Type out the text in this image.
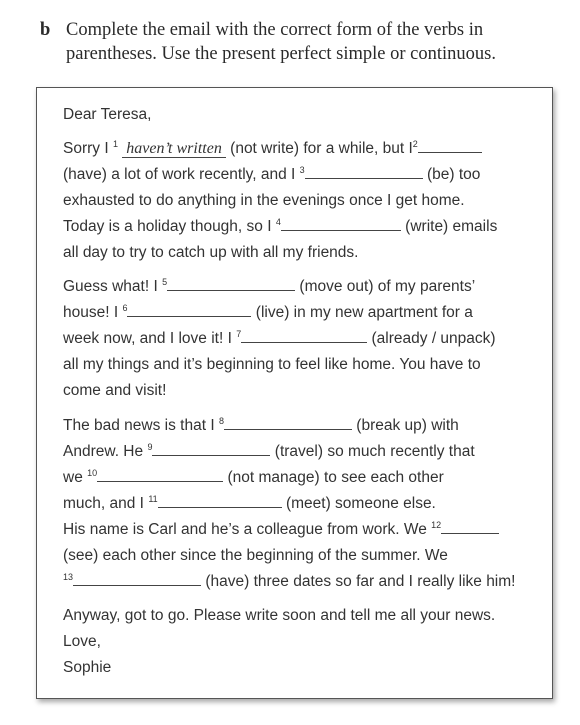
b Complete the email with the correct form of the verbs in
parentheses. Use the present perfect simple or continuous.

Dear Teresa,

Sorry I $^1$ haven’t written (not write) for a while, but $I^2$

(have) a lot of work recently, and I $^3$	(be) too

exhausted to do anything in the evenings once I get home.

Today is a holiday though, so I $^4$	(write) emails

all day to try to catch up with all my friends.

Guess what! I $^5$	(move out) of my parents’

house! I $^6$	(live) in my new apartment for a

week now, and I love it! I $^7$	(already / unpack)

all my things and it’s beginning to feel like home. You have to

come and visit!

The bad news is that I $^8$	(break up) with

Andrew. He $^9$	(travel) so much recently that

we $^{10}$	(not manage) to see each other

much, and I $^{11}$	(meet) someone else.

His name is Carl and he’s a colleague from work. We $^{12}$

(see) each other since the beginning of the summer. We

$^{13}$	(have) three dates so far and I really like him!

Anyway, got to go. Please write soon and tell me all your news.

Love,

Sophie
